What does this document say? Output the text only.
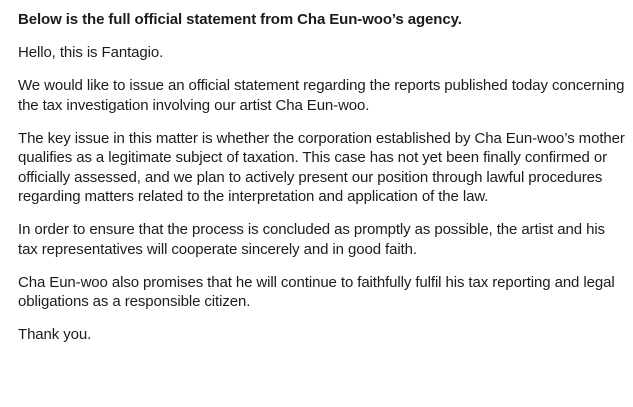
Below is the full official statement from Cha Eun-woo’s agency.

Hello, this is Fantagio.

We would like to issue an official statement regarding the reports published today concerning the tax investigation involving our artist Cha Eun-woo.

The key issue in this matter is whether the corporation established by Cha Eun-woo’s mother qualifies as a legitimate subject of taxation. This case has not yet been finally confirmed or officially assessed, and we plan to actively present our position through lawful procedures regarding matters related to the interpretation and application of the law.

In order to ensure that the process is concluded as promptly as possible, the artist and his tax representatives will cooperate sincerely and in good faith.

Cha Eun-woo also promises that he will continue to faithfully fulfil his tax reporting and legal obligations as a responsible citizen.

Thank you.
